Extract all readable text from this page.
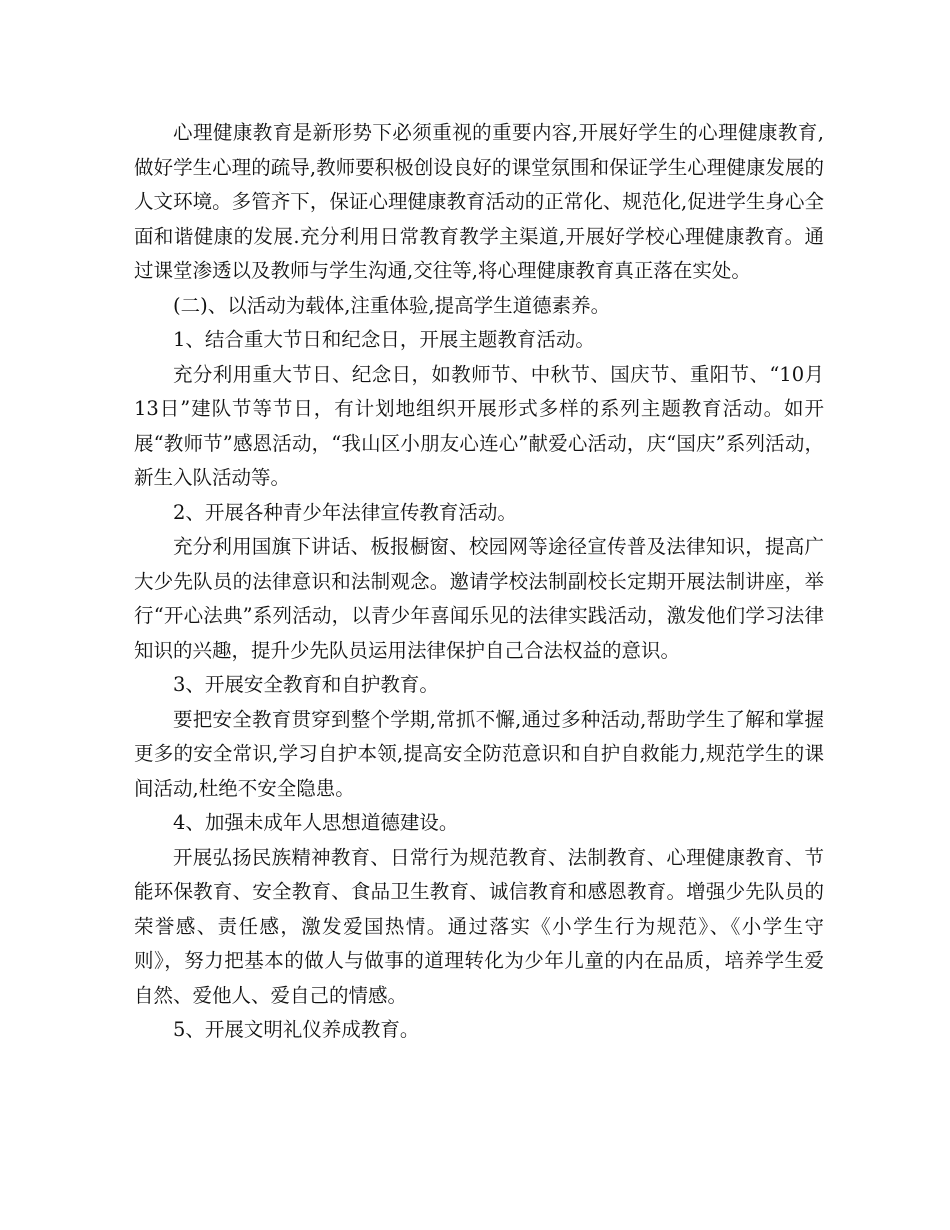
心理健康教育是新形势下必须重视的重要内容,开展好学生的心理健康教育,做好学生心理的疏导,教师要积极创设良好的课堂氛围和保证学生心理健康发展的人文环境。多管齐下，保证心理健康教育活动的正常化、规范化,促进学生身心全面和谐健康的发展.充分利用日常教育教学主渠道,开展好学校心理健康教育。通过课堂渗透以及教师与学生沟通,交往等,将心理健康教育真正落在实处。

(二)、以活动为载体,注重体验,提高学生道德素养。

1、结合重大节日和纪念日，开展主题教育活动。

充分利用重大节日、纪念日，如教师节、中秋节、国庆节、重阳节、“10月13日”建队节等节日，有计划地组织开展形式多样的系列主题教育活动。如开展“教师节”感恩活动，“我山区小朋友心连心”献爱心活动，庆“国庆”系列活动，新生入队活动等。

2、开展各种青少年法律宣传教育活动。

充分利用国旗下讲话、板报橱窗、校园网等途径宣传普及法律知识，提高广大少先队员的法律意识和法制观念。邀请学校法制副校长定期开展法制讲座，举行“开心法典”系列活动，以青少年喜闻乐见的法律实践活动，激发他们学习法律知识的兴趣，提升少先队员运用法律保护自己合法权益的意识。

3、开展安全教育和自护教育。

要把安全教育贯穿到整个学期,常抓不懈,通过多种活动,帮助学生了解和掌握更多的安全常识,学习自护本领,提高安全防范意识和自护自救能力,规范学生的课间活动,杜绝不安全隐患。

4、加强未成年人思想道德建设。

开展弘扬民族精神教育、日常行为规范教育、法制教育、心理健康教育、节能环保教育、安全教育、食品卫生教育、诚信教育和感恩教育。增强少先队员的荣誉感、责任感，激发爱国热情。通过落实《小学生行为规范》、《小学生守则》，努力把基本的做人与做事的道理转化为少年儿童的内在品质，培养学生爱自然、爱他人、爱自己的情感。

5、开展文明礼仪养成教育。
